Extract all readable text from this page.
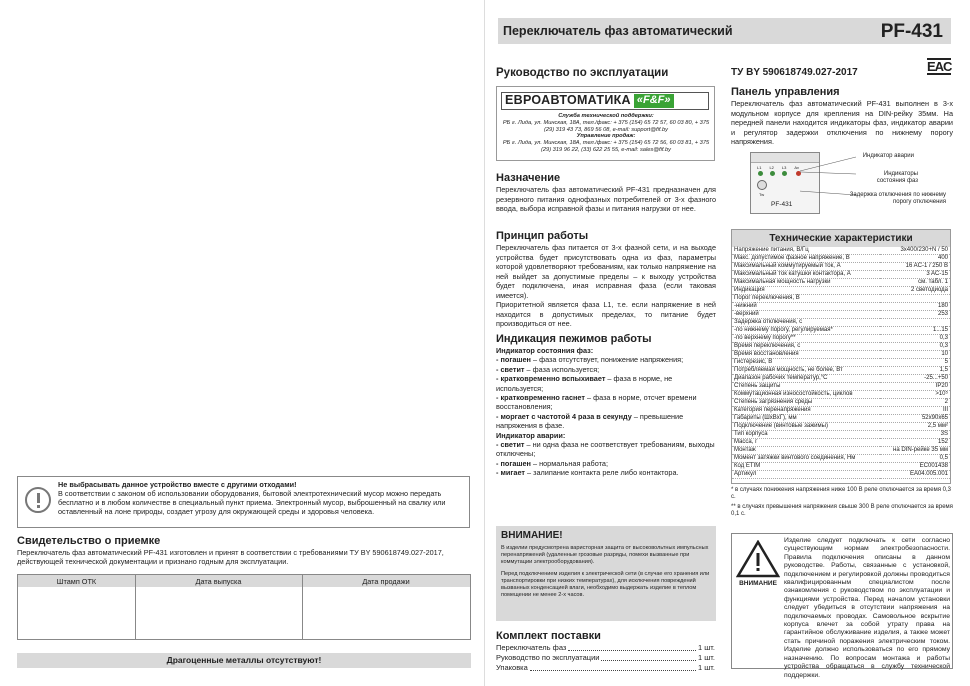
Не выбрасывать данное устройство вместе с другими отходами!

В соответствии с законом об использовании оборудования, бытовой электротехнический мусор можно передать бесплатно и в любом количестве в специальный пункт приема. Электронный мусор, выброшенный на свалку или оставленный на лоне природы, создает угрозу для окружающей среды и здоровья человека.

Свидетельство о приемке
Переключатель фаз автоматический PF-431 изготовлен и принят в соответствии с требованиями ТУ BY 590618749.027-2017, действующей технической документации и признано годным для эксплуатации.
Штамп ОТК	Дата выпуска	Дата продажи
Драгоценные металлы отсутствуют!
Переключатель фаз автоматический	PF-431
Руководство по эксплуатации	ТУ BY 590618749.027-2017	EAC
ЕВРОАВТОМАТИКА «F&F»

Служба технической поддержки:

РБ г. Лида, ул. Минская, 18А, тел./факс: + 375 (154) 65 72 57, 60 03 80, + 375 (29) 319 43 73, 869 56 08, e-mail: support@fif.by

Управление продаж:

РБ г. Лида, ул. Минская, 18А, тел./факс: + 375 (154) 65 72 56, 60 03 81, + 375 (29) 319 96 22, (33) 622 25 55, e-mail: sales@fif.by

Назначение
Переключатель фаз автоматический PF-431 предназначен для резервного питания однофазных потребителей от 3-х фазного ввода, выбора исправной фазы и питания нагрузки от нее.
Принцип работы

Переключатель фаз питается от 3-х фазной сети, и на выходе устройства будет присутствовать одна из фаз, параметры которой удовлетворяют требованиям, как только напряжение на ней выйдет за допустимые пределы – к выходу устройства будет подключена, иная исправная фаза (если таковая имеется).

Приоритетной является фаза L1, т.е. если напряжение в ней находится в допустимых пределах, то питание будет производиться от нее.

Индикация пежимов работы

Индикатор состояния фаз:

- погашен – фаза отсутствует, понижение напряжения;

- светит – фаза используется;

- кратковременно вспыхивает – фаза в норме, не используется;

- кратковременно гаснет – фаза в норме, отсчет времени восстановления;

- моргает с частотой 4 раза в секунду – превышение напряжения в фазе.

Индикатор аварии:

- светит – ни одна фаза не соответствует требованиям, выходы отключены;

- погашен – нормальная работа;

- мигает – залипание контакта реле либо контактора.

ВНИМАНИЕ!

В изделии предусмотрена варисторная защита от высоковольтных импульсных перенапряжений (удаленные грозовые разряды, помехи вызванные при коммутации электрооборудования).

Перед подключением изделия к электрической сети (в случае его хранения или транспортировки при низких температурах), для исключения повреждений вызванных конденсацией влаги, необходимо выдержать изделие в теплом помещении не менее 2-х часов.

Комплект поставки
Переключатель фаз	1 шт.
Руководство по эксплуатации	1 шт.
Упаковка	1 шт.
Панель управления
Переключатель фаз автоматический PF-431 выполнен в 3-х модульном корпусе для крепления на DIN-рейку 35мм. На передней панели находится индикаторы фаз, индикатор аварии и регулятор задержки отключения по нижнему порогу напряжения.
L1 L2 L3 Av
Tw
PF-431
Индикатор аварии
Индикаторы состояния фаз
Задержка отключения по нижнему порогу отключения
Технические характеристики
Напряжение питания, В/Гц	3x400/230+N / 50
Макс. допустимое фазное напряжение, В	400
Максимальный коммутируемый ток, А	16 AC-1 / 250 В
Максимальный ток катушки контактора, А	3 AC-15
Максимальная мощность нагрузки	см. табл. 1
Индикация	2 светодиода
Порог переключения, В	
-нижний	180
-верхний	253
Задержка отключения, с	
-по нижнему порогу, регулируемая*	1...15
-по верхнему порогу**	0,3
Время переключения, с	0,3
Время восстановления	10
Гистерезис, В	5
Потребляемая мощность, не более, Вт	1,5
Диапазон рабочих температур,°С	-25...+50
Степень защиты	IP20
Коммутационная износостойкость, циклов	>10⁵
Степень загрязнения среды	2
Категория перенапряжения	III
Габариты (ШxВxГ), мм	52x90x65
Подключение (винтовые зажимы)	2,5 мм²
Тип корпуса	3S
Масса, г	152
Монтаж	на DIN-рейке 35 мм
Момент затяжки винтового соединения, Нм	0,5
Код ETIM	EC001438
Артикул	EA04.005.001

* в случаях понижения напряжения ниже 100 В реле отключается за время 0,3 с.

** в случаях превышения напряжения свыше 300 В реле отключается за время 0,1 с.

ВНИМАНИЕ
Изделие следует подключать к сети согласно существующим нормам электробезопасности. Правила подключения описаны в данном руководстве. Работы, связанные с установкой, подключением и регулировкой должны проводиться квалифицированным специалистом после ознакомления с руководством по эксплуатации и функциями устройства. Перед началом установки следует убедиться в отсутствии напряжения на подключаемых проводах. Самовольное вскрытие корпуса влечет за собой утрату права на гарантийное обслуживание изделия, а также может стать причиной поражения электрическим током. Изделие должно использоваться по его прямому назначению. По вопросам монтажа и работы устройства обращаться в службу технической поддержки.
